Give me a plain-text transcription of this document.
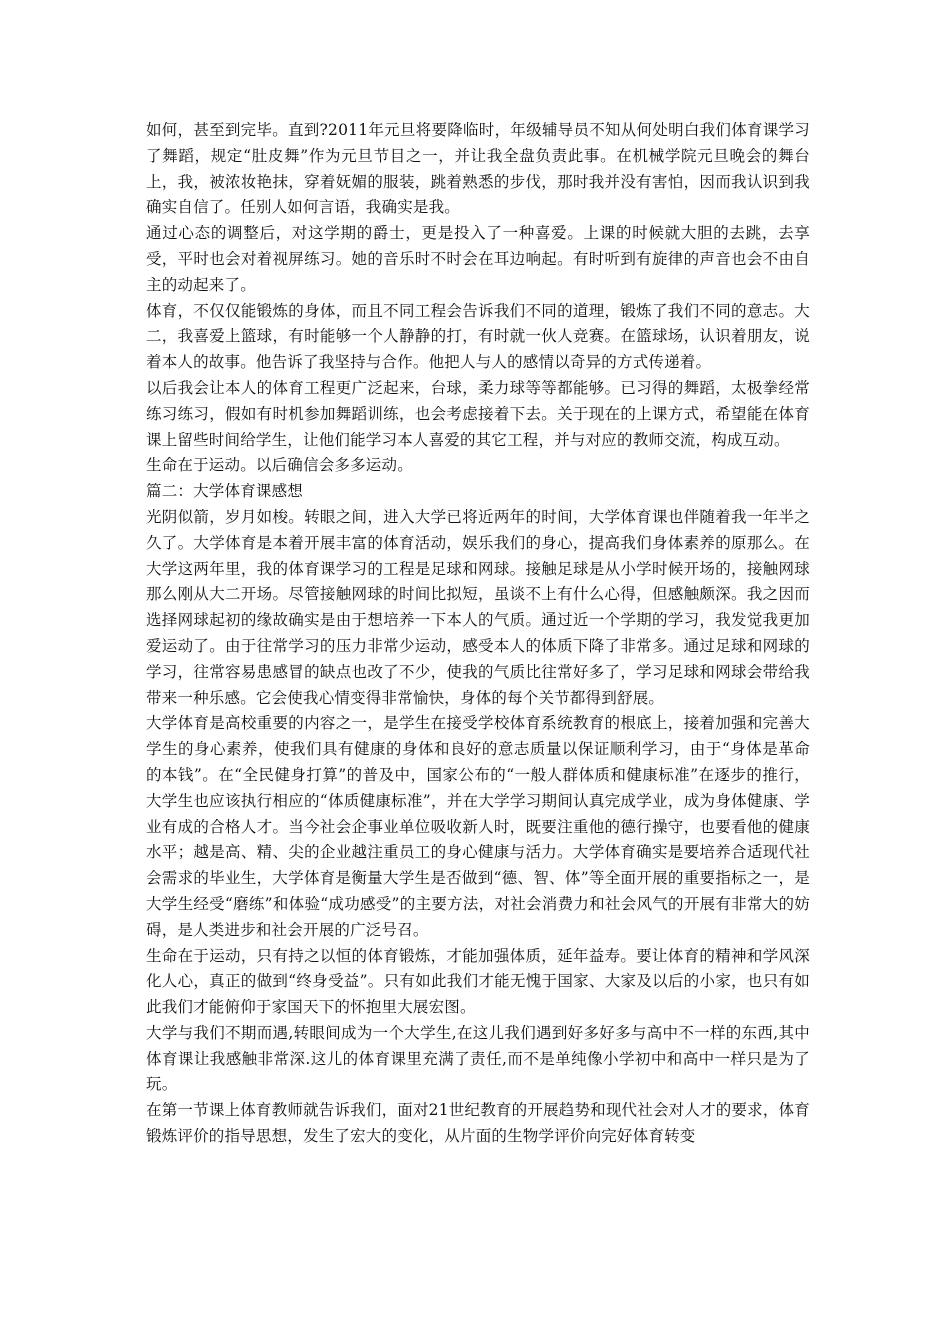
如何，甚至到完毕。直到?2011年元旦将要降临时，年级辅导员不知从何处明白我们体育课学习了舞蹈，规定“肚皮舞”作为元旦节目之一，并让我全盘负责此事。在机械学院元旦晚会的舞台上，我，被浓妆艳抹，穿着妩媚的服装，跳着熟悉的步伐，那时我并没有害怕，因而我认识到我确实自信了。任别人如何言语，我确实是我。

通过心态的调整后，对这学期的爵士，更是投入了一种喜爱。上课的时候就大胆的去跳，去享受，平时也会对着视屏练习。她的音乐时不时会在耳边响起。有时听到有旋律的声音也会不由自主的动起来了。

体育，不仅仅能锻炼的身体，而且不同工程会告诉我们不同的道理，锻炼了我们不同的意志。大二，我喜爱上篮球，有时能够一个人静静的打，有时就一伙人竞赛。在篮球场，认识着朋友，说着本人的故事。他告诉了我坚持与合作。他把人与人的感情以奇异的方式传递着。

以后我会让本人的体育工程更广泛起来，台球，柔力球等等都能够。已习得的舞蹈，太极拳经常练习练习，假如有时机参加舞蹈训练，也会考虑接着下去。关于现在的上课方式，希望能在体育课上留些时间给学生，让他们能学习本人喜爱的其它工程，并与对应的教师交流，构成互动。

生命在于运动。以后确信会多多运动。

篇二：大学体育课感想

光阴似箭，岁月如梭。转眼之间，进入大学已将近两年的时间，大学体育课也伴随着我一年半之久了。大学体育是本着开展丰富的体育活动，娱乐我们的身心，提高我们身体素养的原那么。在大学这两年里，我的体育课学习的工程是足球和网球。接触足球是从小学时候开场的，接触网球那么刚从大二开场。尽管接触网球的时间比拟短，虽谈不上有什么心得，但感触颇深。我之因而选择网球起初的缘故确实是由于想培养一下本人的气质。通过近一个学期的学习，我发觉我更加爱运动了。由于往常学习的压力非常少运动，感受本人的体质下降了非常多。通过足球和网球的学习，往常容易患感冒的缺点也改了不少，使我的气质比往常好多了，学习足球和网球会带给我带来一种乐感。它会使我心情变得非常愉快，身体的每个关节都得到舒展。

大学体育是高校重要的内容之一，是学生在接受学校体育系统教育的根底上，接着加强和完善大学生的身心素养，使我们具有健康的身体和良好的意志质量以保证顺利学习，由于“身体是革命的本钱”。在“全民健身打算”的普及中，国家公布的“一般人群体质和健康标准”在逐步的推行，大学生也应该执行相应的“体质健康标准”，并在大学学习期间认真完成学业，成为身体健康、学业有成的合格人才。当今社会企事业单位吸收新人时，既要注重他的德行操守，也要看他的健康水平；越是高、精、尖的企业越注重员工的身心健康与活力。大学体育确实是要培养合适现代社会需求的毕业生，大学体育是衡量大学生是否做到“德、智、体”等全面开展的重要指标之一，是大学生经受“磨练”和体验“成功感受”的主要方法，对社会消费力和社会风气的开展有非常大的妨碍，是人类进步和社会开展的广泛号召。

生命在于运动，只有持之以恒的体育锻炼，才能加强体质，延年益寿。要让体育的精神和学风深化人心，真正的做到“终身受益”。只有如此我们才能无愧于国家、大家及以后的小家，也只有如此我们才能俯仰于家国天下的怀抱里大展宏图。

大学与我们不期而遇,转眼间成为一个大学生,在这儿我们遇到好多好多与高中不一样的东西,其中体育课让我感触非常深.这儿的体育课里充满了责任,而不是单纯像小学初中和高中一样只是为了玩。

在第一节课上体育教师就告诉我们，面对21世纪教育的开展趋势和现代社会对人才的要求，体育锻炼评价的指导思想，发生了宏大的变化，从片面的生物学评价向完好体育转变
